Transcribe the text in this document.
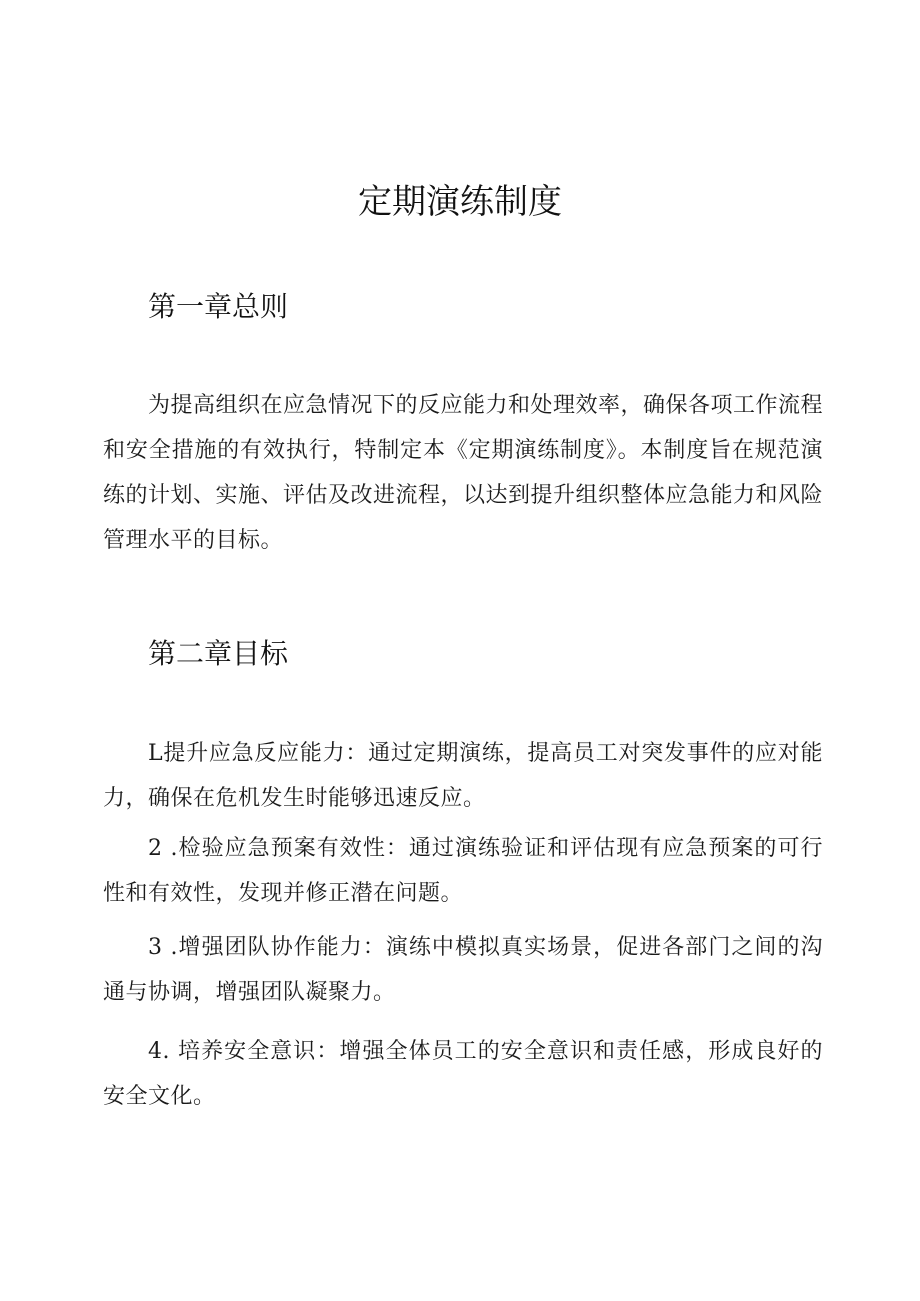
定期演练制度
第一章总则

为提高组织在应急情况下的反应能力和处理效率，确保各项工作流程和安全措施的有效执行，特制定本《定期演练制度》。本制度旨在规范演练的计划、实施、评估及改进流程，以达到提升组织整体应急能力和风险管理水平的目标。

第二章目标

L提升应急反应能力：通过定期演练，提高员工对突发事件的应对能力，确保在危机发生时能够迅速反应。

2 .检验应急预案有效性：通过演练验证和评估现有应急预案的可行性和有效性，发现并修正潜在问题。

3 .增强团队协作能力：演练中模拟真实场景，促进各部门之间的沟通与协调，增强团队凝聚力。

4. 培养安全意识：增强全体员工的安全意识和责任感，形成良好的安全文化。
